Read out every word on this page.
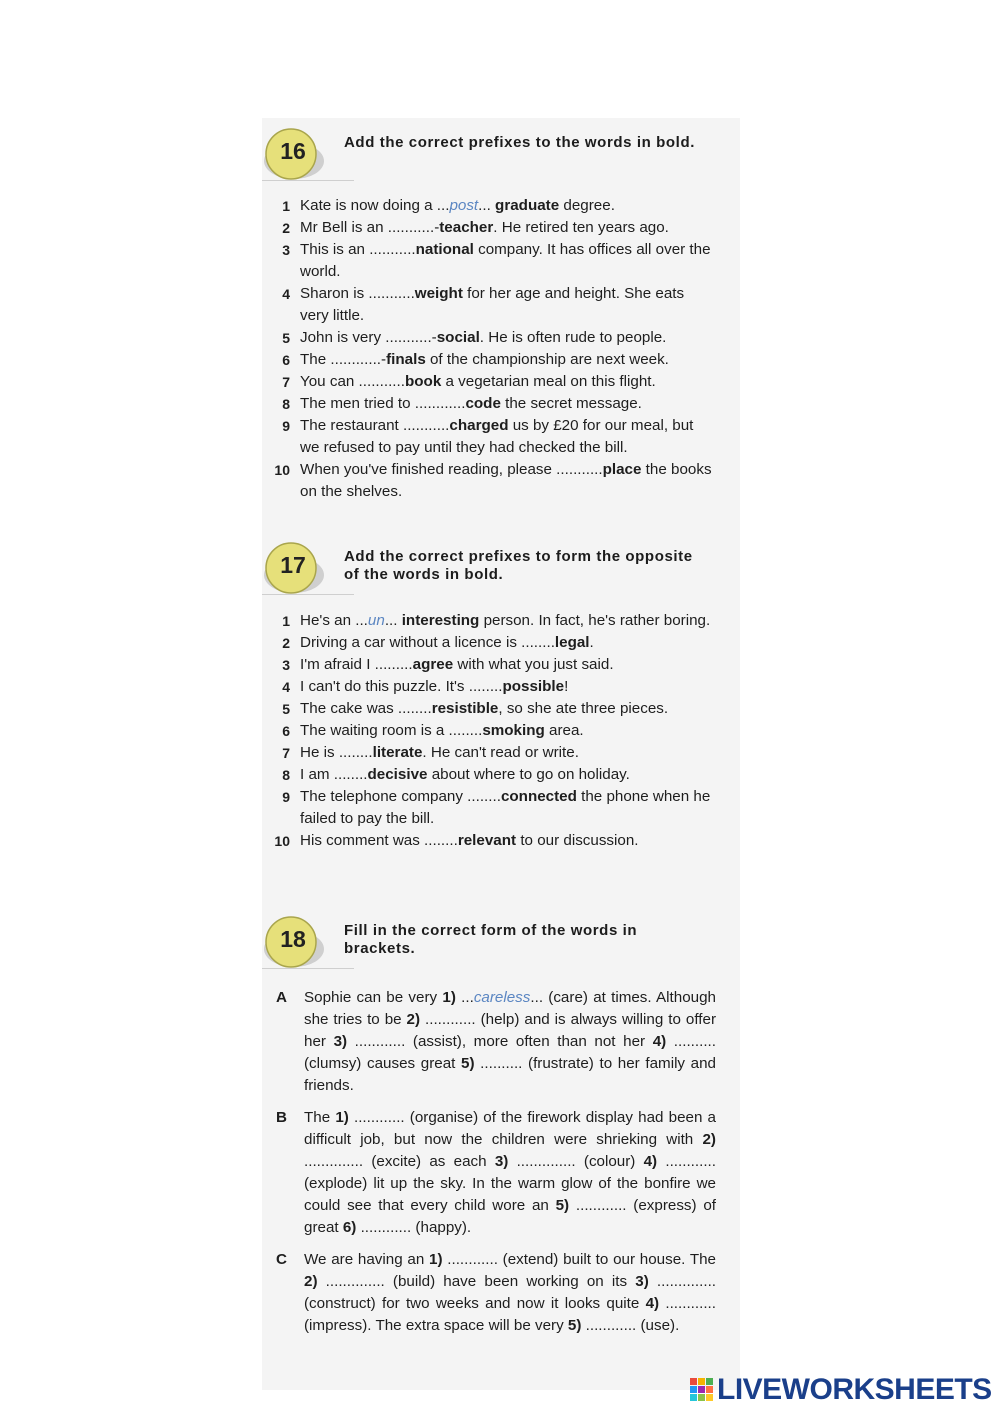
16	Add the correct prefixes to the words in bold.
1 Kate is now doing a ...post... graduate degree.
2 Mr Bell is an ...........-teacher. He retired ten years ago.
3 This is an ...........national company. It has offices all over the world.
4 Sharon is ...........weight for her age and height. She eats very little.
5 John is very ...........-social. He is often rude to people.
6 The ............-finals of the championship are next week.
7 You can ...........book a vegetarian meal on this flight.
8 The men tried to ............code the secret message.
9 The restaurant ...........charged us by £20 for our meal, but we refused to pay until they had checked the bill.
10 When you've finished reading, please ...........place the books on the shelves.
17	Add the correct prefixes to form the opposite of the words in bold.
1 He's an ...un... interesting person. In fact, he's rather boring.
2 Driving a car without a licence is ........legal.
3 I'm afraid I .........agree with what you just said.
4 I can't do this puzzle. It's ........possible!
5 The cake was ........resistible, so she ate three pieces.
6 The waiting room is a ........smoking area.
7 He is ........literate. He can't read or write.
8 I am ........decisive about where to go on holiday.
9 The telephone company ........connected the phone when he failed to pay the bill.
10 His comment was ........relevant to our discussion.
18	Fill in the correct form of the words in brackets.
A Sophie can be very 1) ...careless... (care) at times. Although she tries to be 2) ............ (help) and is always willing to offer her 3) ............ (assist), more often than not her 4) .......... (clumsy) causes great 5) .......... (frustrate) to her family and friends.
B The 1) ............ (organise) of the firework display had been a difficult job, but now the children were shrieking with 2) .............. (excite) as each 3) .............. (colour) 4) ............ (explode) lit up the sky. In the warm glow of the bonfire we could see that every child wore an 5) ............ (express) of great 6) ............ (happy).
C We are having an 1) ............ (extend) built to our house. The 2) .............. (build) have been working on its 3) .............. (construct) for two weeks and now it looks quite 4) ............ (impress). The extra space will be very 5) ............ (use).
LIVEWORKSHEETS
